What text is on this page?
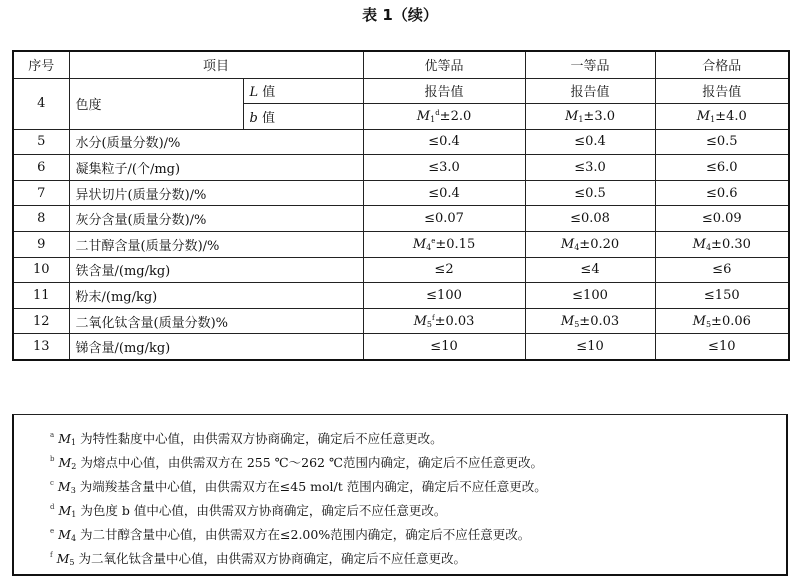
表 1（续）
序号	项目		优等品	一等品	合格品
4	色度	L 值	报告值	报告值	报告值
		b 值	$M_1^d\pm 2.0$	$M_1\pm 3.0$	$M_1\pm 4.0$
5	水分(质量分数)/%		≤0.4	≤0.4	≤0.5
6	凝集粒子/(个/mg)		≤3.0	≤3.0	≤6.0
7	异状切片(质量分数)/%		≤0.4	≤0.5	≤0.6
8	灰分含量(质量分数)/%		≤0.07	≤0.08	≤0.09
9	二甘醇含量(质量分数)/%		$M_4^e\pm 0.15$	$M_4\pm 0.20$	$M_4\pm 0.30$
10	铁含量/(mg/kg)		≤2	≤4	≤6
11	粉末/(mg/kg)		≤100	≤100	≤150
12	二氧化钛含量(质量分数)%		$M_5^f\pm 0.03$	$M_5\pm 0.03$	$M_5\pm 0.06$
13	锑含量/(mg/kg)		≤10	≤10	≤10
$^a$ $M_1$ 为特性黏度中心值，由供需双方协商确定，确定后不应任意更改。
$^b$ $M_2$ 为熔点中心值，由供需双方在 255 ℃～262 ℃范围内确定，确定后不应任意更改。
$^c$ $M_3$ 为端羧基含量中心值，由供需双方在≤45 mol/t 范围内确定，确定后不应任意更改。
$^d$ $M_1$ 为色度 b 值中心值，由供需双方协商确定，确定后不应任意更改。
$^e$ $M_4$ 为二甘醇含量中心值，由供需双方在≤2.00%范围内确定，确定后不应任意更改。
$^f$ $M_5$ 为二氧化钛含量中心值，由供需双方协商确定，确定后不应任意更改。
